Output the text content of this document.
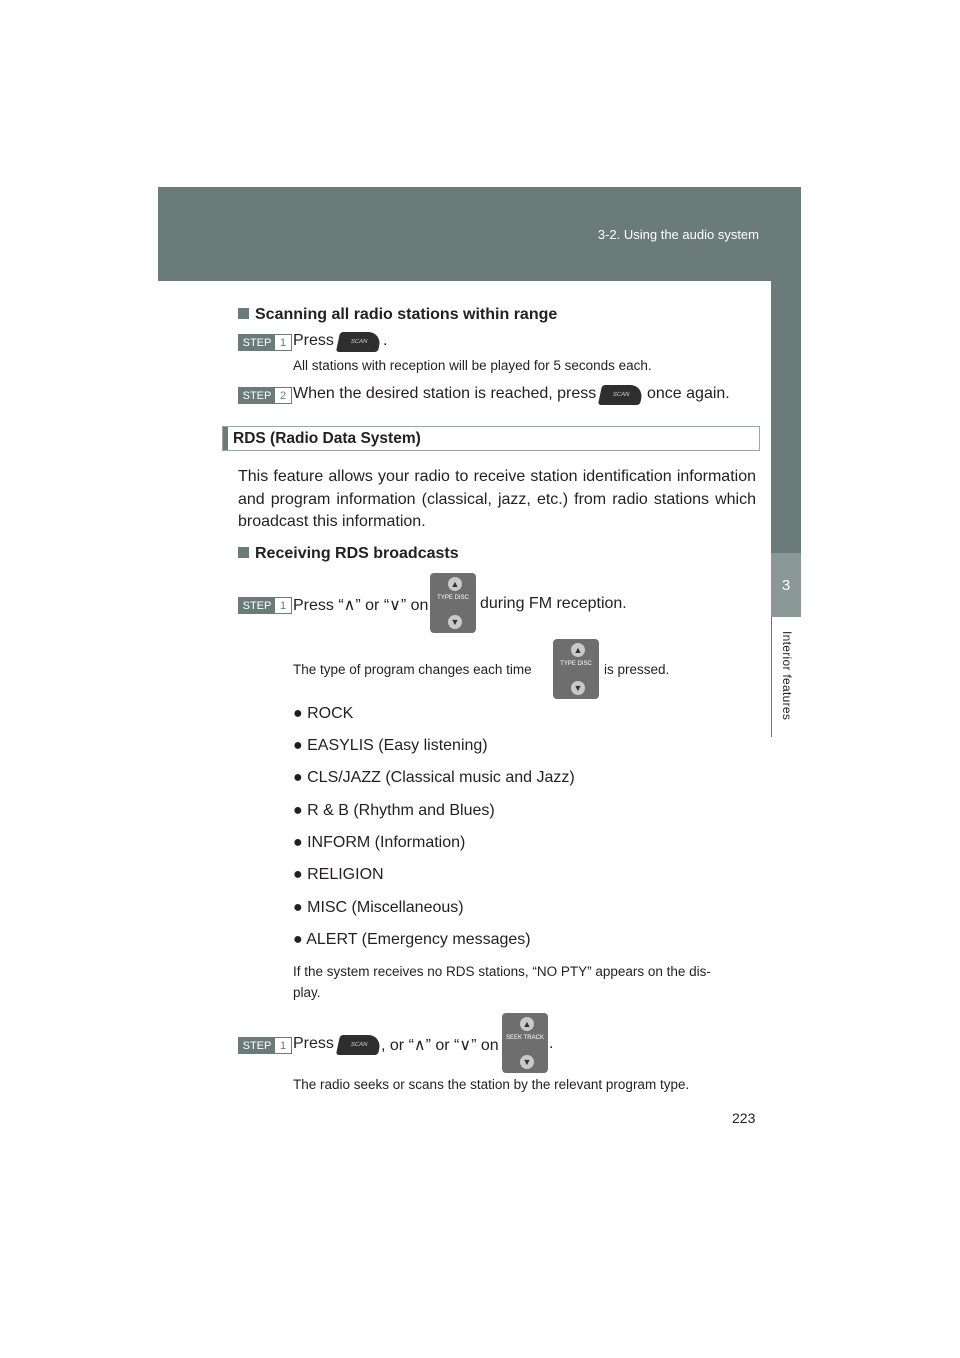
3-2. Using the audio system
3
Interior features
Scanning all radio stations within range
STEP 1 Press	SCAN .
All stations with reception will be played for 5 seconds each.
STEP 2 When the desired station is reached, press	SCAN once again.
RDS (Radio Data System)
This feature allows your radio to receive station identification information
and program information (classical, jazz, etc.) from radio stations which
broadcast this information.
Receiving RDS broadcasts
STEP 1 Press “∧” or “∨” on
▲
TYPE DISC
▼
during FM reception.
The type of program changes each time
▲
TYPE DISC
▼
is pressed.
● ROCK
● EASYLIS (Easy listening)
● CLS/JAZZ (Classical music and Jazz)
● R & B (Rhythm and Blues)
● INFORM (Information)
● RELIGION
● MISC (Miscellaneous)
● ALERT (Emergency messages)
If the system receives no RDS stations, “NO PTY” appears on the dis-
play.
STEP 1 Press	SCAN , or “∧” or “∨” on
▲
SEEK TRACK
▼
.
The radio seeks or scans the station by the relevant program type.
223
